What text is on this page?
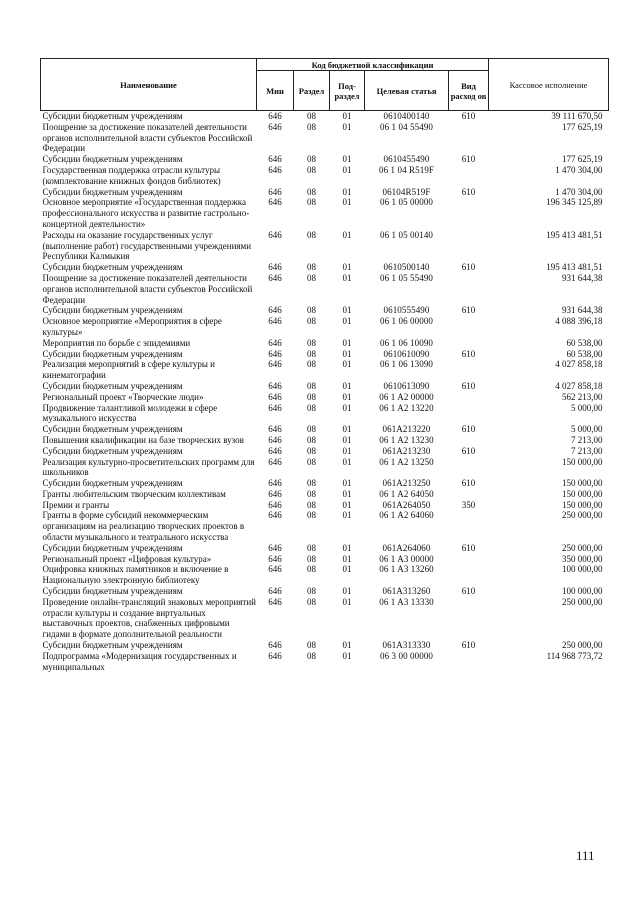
Наименование	Код бюджетной классификации					Кассовое исполнение
	Мин	Раздел	Под-раздел	Целевая статья	Вид расход ов	
Субсидии бюджетным учреждениям	646	08	01	0610400140	610	39 111 670,50
Поощрение за достижение показателей деятельности органов исполнительной власти субъектов Российской Федерации	646	08	01	06 1 04 55490		177 625,19
Субсидии бюджетным учреждениям	646	08	01	0610455490	610	177 625,19
Государственная поддержка отрасли культуры (комплектование книжных фондов библиотек)	646	08	01	06 1 04 R519F		1 470 304,00
Субсидии бюджетным учреждениям	646	08	01	06104R519F	610	1 470 304,00
Основное мероприятие «Государственная поддержка профессионального искусства и развитие гастрольно-концертной деятельности»	646	08	01	06 1 05 00000		196 345 125,89
Расходы на оказание государственных услуг (выполнение работ) государственными учреждениями Республики Калмыкия	646	08	01	06 1 05 00140		195 413 481,51
Субсидии бюджетным учреждениям	646	08	01	0610500140	610	195 413 481,51
Поощрение за достижение показателей деятельности органов исполнительной власти субъектов Российской Федерации	646	08	01	06 1 05 55490		931 644,38
Субсидии бюджетным учреждениям	646	08	01	0610555490	610	931 644,38
Основное мероприятие «Мероприятия в сфере культуры»	646	08	01	06 1 06 00000		4 088 396,18
Мероприятия по борьбе с эпидемиями	646	08	01	06 1 06 10090		60 538,00
Субсидии бюджетным учреждениям	646	08	01	0610610090	610	60 538,00
Реализация мероприятий в сфере культуры и кинематографии	646	08	01	06 1 06 13090		4 027 858,18
Субсидии бюджетным учреждениям	646	08	01	0610613090	610	4 027 858,18
Региональный проект «Творческие люди»	646	08	01	06 1 A2 00000		562 213,00
Продвижение талантливой молодежи в сфере музыкального искусства	646	08	01	06 1 A2 13220		5 000,00
Субсидии бюджетным учреждениям	646	08	01	061A213220	610	5 000,00
Повышения квалификации на базе творческих вузов	646	08	01	06 1 A2 13230		7 213,00
Субсидии бюджетным учреждениям	646	08	01	061A213230	610	7 213,00
Реализация культурно-просветительских программ для школьников	646	08	01	06 1 A2 13250		150 000,00
Субсидии бюджетным учреждениям	646	08	01	061A213250	610	150 000,00
Гранты любительским творческим коллективам	646	08	01	06 1 A2 64050		150 000,00
Премии и гранты	646	08	01	061A264050	350	150 000,00
Гранты в форме субсидий некоммерческим организациям на реализацию творческих проектов в области музыкального и театрального искусства	646	08	01	06 1 A2 64060		250 000,00
Субсидии бюджетным учреждениям	646	08	01	061A264060	610	250 000,00
Региональный проект «Цифровая культура»	646	08	01	06 1 A3 00000		350 000,00
Оцифровка книжных памятников и включение в Национальную электронную библиотеку	646	08	01	06 1 A3 13260		100 000,00
Субсидии бюджетным учреждениям	646	08	01	061A313260	610	100 000,00
Проведение онлайн-трансляций знаковых мероприятий отрасли культуры и создание виртуальных выставочных проектов, снабженных цифровыми гидами в формате дополнительной реальности	646	08	01	06 1 A3 13330		250 000,00
Субсидии бюджетным учреждениям	646	08	01	061A313330	610	250 000,00
Подпрограмма «Модернизация государственных и муниципальных	646	08	01	06 3 00 00000		114 968 773,72
111
